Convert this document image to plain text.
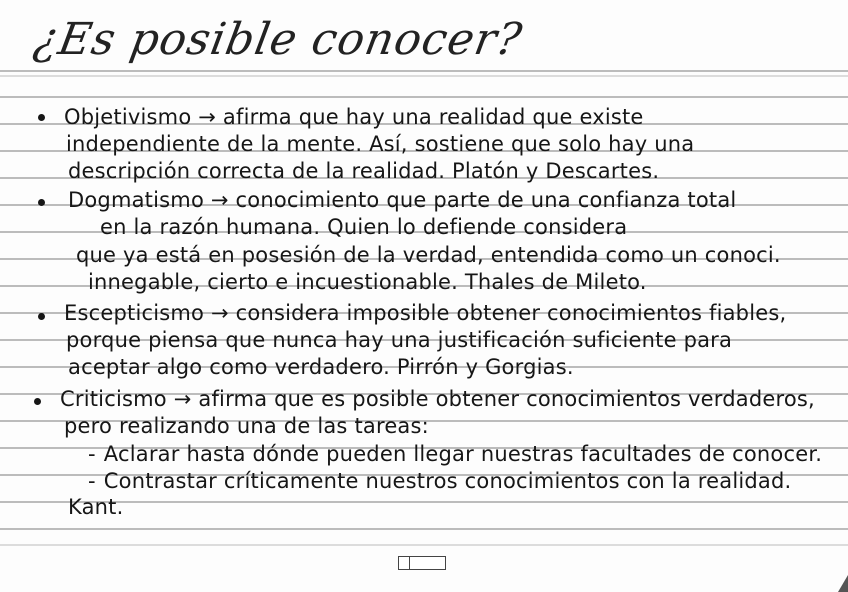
¿Es posible conocer?
Objetivismo → afirma que hay una realidad que existe
independiente de la mente. Así, sostiene que solo hay una
descripción correcta de la realidad. Platón y Descartes.
Dogmatismo → conocimiento que parte de una confianza total
en la razón humana. Quien lo defiende considera
que ya está en posesión de la verdad, entendida como un conoci.
innegable, cierto e incuestionable. Thales de Mileto.
Escepticismo → considera imposible obtener conocimientos fiables,
porque piensa que nunca hay una justificación suficiente para
aceptar algo como verdadero. Pirrón y Gorgias.
Criticismo → afirma que es posible obtener conocimientos verdaderos,
pero realizando una de las tareas:
- Aclarar hasta dónde pueden llegar nuestras facultades de conocer.
- Contrastar críticamente nuestros conocimientos con la realidad.
Kant.
